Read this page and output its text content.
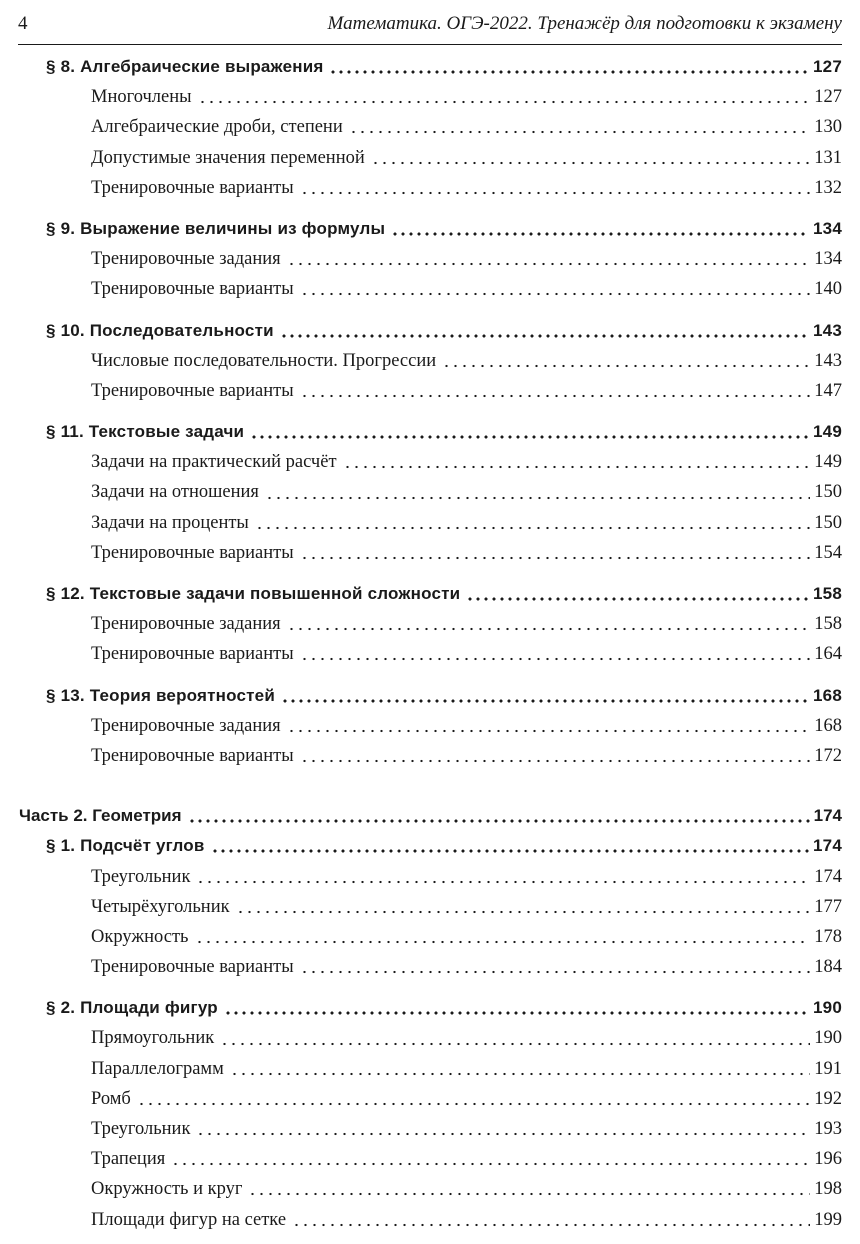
4	Математика. ОГЭ-2022. Тренажёр для подготовки к экзамену
§ 8. Алгебраические выражения	127
Многочлены	127
Алгебраические дроби, степени	130
Допустимые значения переменной	131
Тренировочные варианты	132
§ 9. Выражение величины из формулы	134
Тренировочные задания	134
Тренировочные варианты	140
§ 10. Последовательности	143
Числовые последовательности. Прогрессии	143
Тренировочные варианты	147
§ 11. Текстовые задачи	149
Задачи на практический расчёт	149
Задачи на отношения	150
Задачи на проценты	150
Тренировочные варианты	154
§ 12. Текстовые задачи повышенной сложности	158
Тренировочные задания	158
Тренировочные варианты	164
§ 13. Теория вероятностей	168
Тренировочные задания	168
Тренировочные варианты	172
Часть 2. Геометрия	174
§ 1. Подсчёт углов	174
Треугольник	174
Четырёхугольник	177
Окружность	178
Тренировочные варианты	184
§ 2. Площади фигур	190
Прямоугольник	190
Параллелограмм	191
Ромб	192
Треугольник	193
Трапеция	196
Окружность и круг	198
Площади фигур на сетке	199
